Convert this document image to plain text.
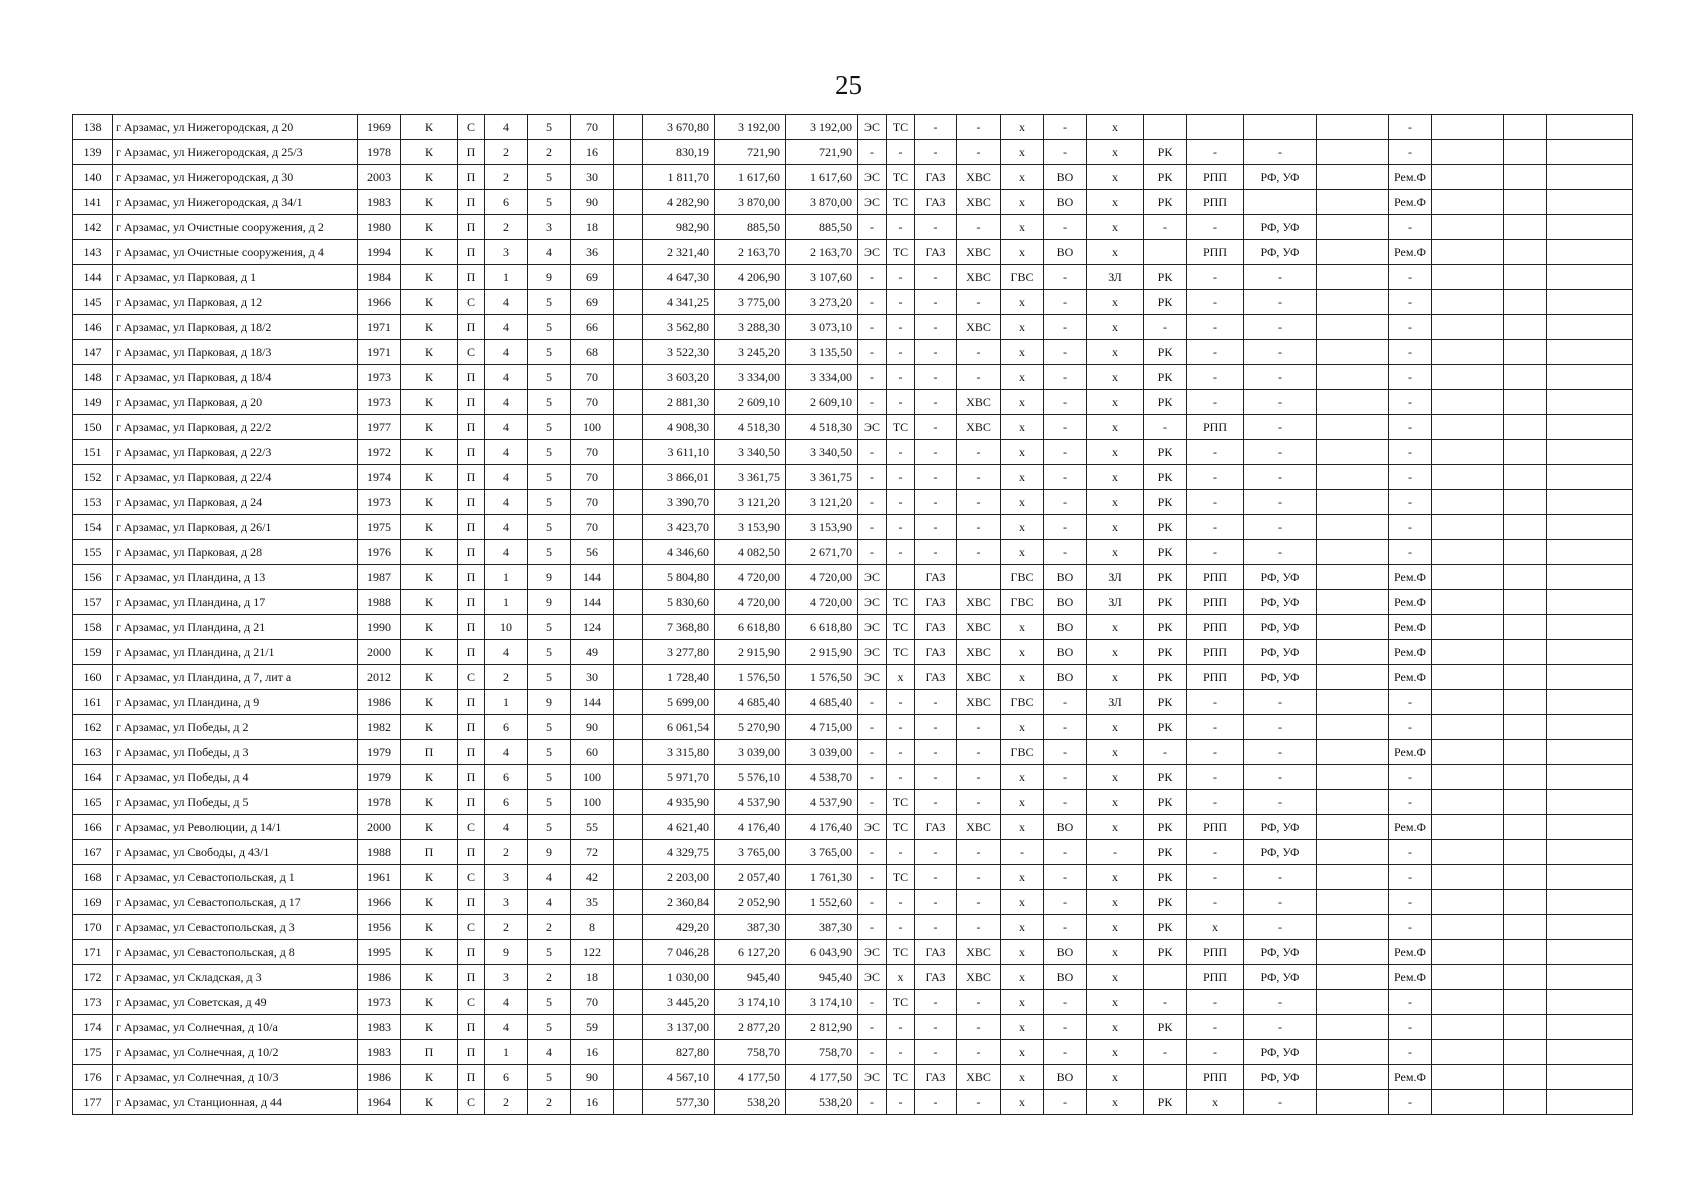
25
138	г Арзамас, ул Нижегородская, д 20	1969	К	С	4	5	70		3 670,80	3 192,00	3 192,00	ЭС	ТС	-	-	х	-	х					-			
139	г Арзамас, ул Нижегородская, д 25/3	1978	К	П	2	2	16		830,19	721,90	721,90	-	-	-	-	х	-	х	РК	-	-		-			
140	г Арзамас, ул Нижегородская, д 30	2003	К	П	2	5	30		1 811,70	1 617,60	1 617,60	ЭС	ТС	ГАЗ	ХВС	х	ВО	х	РК	РПП	РФ, УФ		Рем.Ф			
141	г Арзамас, ул Нижегородская, д 34/1	1983	К	П	6	5	90		4 282,90	3 870,00	3 870,00	ЭС	ТС	ГАЗ	ХВС	х	ВО	х	РК	РПП			Рем.Ф			
142	г Арзамас, ул Очистные сооружения, д 2	1980	К	П	2	3	18		982,90	885,50	885,50	-	-	-	-	х	-	х	-	-	РФ, УФ		-			
143	г Арзамас, ул Очистные сооружения, д 4	1994	К	П	3	4	36		2 321,40	2 163,70	2 163,70	ЭС	ТС	ГАЗ	ХВС	х	ВО	х		РПП	РФ, УФ		Рем.Ф			
144	г Арзамас, ул Парковая, д 1	1984	К	П	1	9	69		4 647,30	4 206,90	3 107,60	-	-	-	ХВС	ГВС	-	ЗЛ	РК	-	-		-			
145	г Арзамас, ул Парковая, д 12	1966	К	С	4	5	69		4 341,25	3 775,00	3 273,20	-	-	-	-	х	-	х	РК	-	-		-			
146	г Арзамас, ул Парковая, д 18/2	1971	К	П	4	5	66		3 562,80	3 288,30	3 073,10	-	-	-	ХВС	х	-	х	-	-	-		-			
147	г Арзамас, ул Парковая, д 18/3	1971	К	С	4	5	68		3 522,30	3 245,20	3 135,50	-	-	-	-	х	-	х	РК	-	-		-			
148	г Арзамас, ул Парковая, д 18/4	1973	К	П	4	5	70		3 603,20	3 334,00	3 334,00	-	-	-	-	х	-	х	РК	-	-		-			
149	г Арзамас, ул Парковая, д 20	1973	К	П	4	5	70		2 881,30	2 609,10	2 609,10	-	-	-	ХВС	х	-	х	РК	-	-		-			
150	г Арзамас, ул Парковая, д 22/2	1977	К	П	4	5	100		4 908,30	4 518,30	4 518,30	ЭС	ТС	-	ХВС	х	-	х	-	РПП	-		-			
151	г Арзамас, ул Парковая, д 22/3	1972	К	П	4	5	70		3 611,10	3 340,50	3 340,50	-	-	-	-	х	-	х	РК	-	-		-			
152	г Арзамас, ул Парковая, д 22/4	1974	К	П	4	5	70		3 866,01	3 361,75	3 361,75	-	-	-	-	х	-	х	РК	-	-		-			
153	г Арзамас, ул Парковая, д 24	1973	К	П	4	5	70		3 390,70	3 121,20	3 121,20	-	-	-	-	х	-	х	РК	-	-		-			
154	г Арзамас, ул Парковая, д 26/1	1975	К	П	4	5	70		3 423,70	3 153,90	3 153,90	-	-	-	-	х	-	х	РК	-	-		-			
155	г Арзамас, ул Парковая, д 28	1976	К	П	4	5	56		4 346,60	4 082,50	2 671,70	-	-	-	-	х	-	х	РК	-	-		-			
156	г Арзамас, ул Пландина, д 13	1987	К	П	1	9	144		5 804,80	4 720,00	4 720,00	ЭС		ГАЗ		ГВС	ВО	ЗЛ	РК	РПП	РФ, УФ		Рем.Ф			
157	г Арзамас, ул Пландина, д 17	1988	К	П	1	9	144		5 830,60	4 720,00	4 720,00	ЭС	ТС	ГАЗ	ХВС	ГВС	ВО	ЗЛ	РК	РПП	РФ, УФ		Рем.Ф			
158	г Арзамас, ул Пландина, д 21	1990	К	П	10	5	124		7 368,80	6 618,80	6 618,80	ЭС	ТС	ГАЗ	ХВС	х	ВО	х	РК	РПП	РФ, УФ		Рем.Ф			
159	г Арзамас, ул Пландина, д 21/1	2000	К	П	4	5	49		3 277,80	2 915,90	2 915,90	ЭС	ТС	ГАЗ	ХВС	х	ВО	х	РК	РПП	РФ, УФ		Рем.Ф			
160	г Арзамас, ул Пландина, д 7, лит а	2012	К	С	2	5	30		1 728,40	1 576,50	1 576,50	ЭС	х	ГАЗ	ХВС	х	ВО	х	РК	РПП	РФ, УФ		Рем.Ф			
161	г Арзамас, ул Пландина, д 9	1986	К	П	1	9	144		5 699,00	4 685,40	4 685,40	-	-	-	ХВС	ГВС	-	ЗЛ	РК	-	-		-			
162	г Арзамас, ул Победы, д 2	1982	К	П	6	5	90		6 061,54	5 270,90	4 715,00	-	-	-	-	х	-	х	РК	-	-		-			
163	г Арзамас, ул Победы, д 3	1979	П	П	4	5	60		3 315,80	3 039,00	3 039,00	-	-	-	-	ГВС	-	х	-	-	-		Рем.Ф			
164	г Арзамас, ул Победы, д 4	1979	К	П	6	5	100		5 971,70	5 576,10	4 538,70	-	-	-	-	х	-	х	РК	-	-		-			
165	г Арзамас, ул Победы, д 5	1978	К	П	6	5	100		4 935,90	4 537,90	4 537,90	-	ТС	-	-	х	-	х	РК	-	-		-			
166	г Арзамас, ул Революции, д 14/1	2000	К	С	4	5	55		4 621,40	4 176,40	4 176,40	ЭС	ТС	ГАЗ	ХВС	х	ВО	х	РК	РПП	РФ, УФ		Рем.Ф			
167	г Арзамас, ул Свободы, д 43/1	1988	П	П	2	9	72		4 329,75	3 765,00	3 765,00	-	-	-	-	-	-	-	РК	-	РФ, УФ		-			
168	г Арзамас, ул Севастопольская, д 1	1961	К	С	3	4	42		2 203,00	2 057,40	1 761,30	-	ТС	-	-	х	-	х	РК	-	-		-			
169	г Арзамас, ул Севастопольская, д 17	1966	К	П	3	4	35		2 360,84	2 052,90	1 552,60	-	-	-	-	х	-	х	РК	-	-		-			
170	г Арзамас, ул Севастопольская, д 3	1956	К	С	2	2	8		429,20	387,30	387,30	-	-	-	-	х	-	х	РК	х	-		-			
171	г Арзамас, ул Севастопольская, д 8	1995	К	П	9	5	122		7 046,28	6 127,20	6 043,90	ЭС	ТС	ГАЗ	ХВС	х	ВО	х	РК	РПП	РФ, УФ		Рем.Ф			
172	г Арзамас, ул Складская, д 3	1986	К	П	3	2	18		1 030,00	945,40	945,40	ЭС	х	ГАЗ	ХВС	х	ВО	х		РПП	РФ, УФ		Рем.Ф			
173	г Арзамас, ул Советская, д 49	1973	К	С	4	5	70		3 445,20	3 174,10	3 174,10	-	ТС	-	-	х	-	х	-	-	-		-			
174	г Арзамас, ул Солнечная, д 10/а	1983	К	П	4	5	59		3 137,00	2 877,20	2 812,90	-	-	-	-	х	-	х	РК	-	-		-			
175	г Арзамас, ул Солнечная, д 10/2	1983	П	П	1	4	16		827,80	758,70	758,70	-	-	-	-	х	-	х	-	-	РФ, УФ		-			
176	г Арзамас, ул Солнечная, д 10/3	1986	К	П	6	5	90		4 567,10	4 177,50	4 177,50	ЭС	ТС	ГАЗ	ХВС	х	ВО	х		РПП	РФ, УФ		Рем.Ф			
177	г Арзамас, ул Станционная, д 44	1964	К	С	2	2	16		577,30	538,20	538,20	-	-	-	-	х	-	х	РК	х	-		-			
